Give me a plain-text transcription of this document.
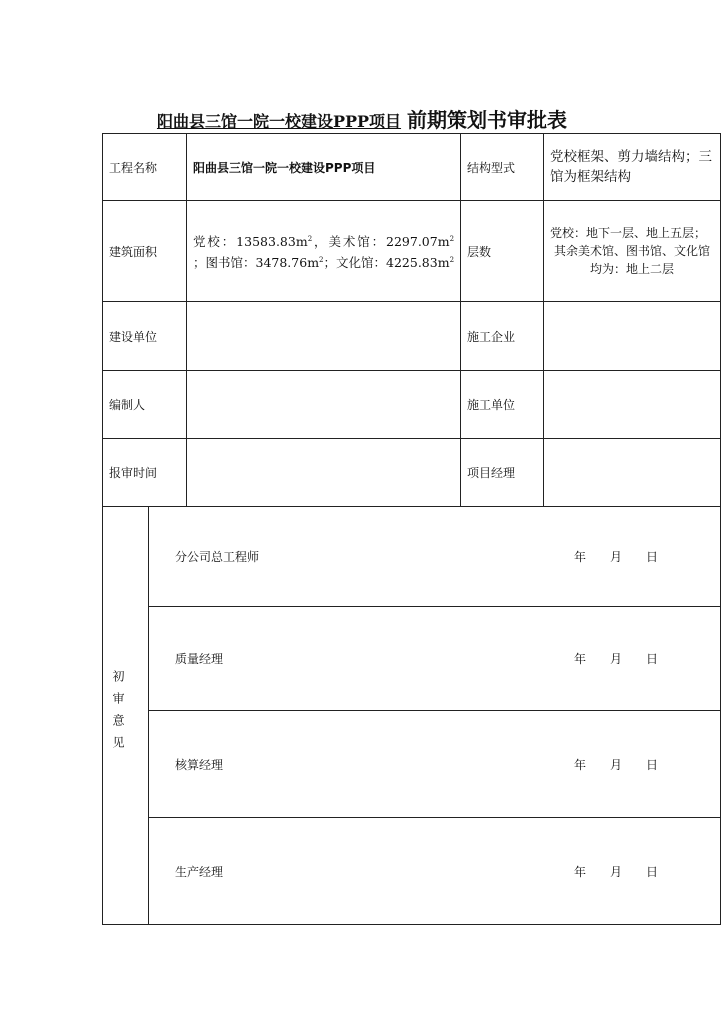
阳曲县三馆一院一校建设PPP项目 前期策划书审批表
工程名称		阳曲县三馆一院一校建设PPP项目	结构型式	党校框架、剪力墙结构；三馆为框架结构
建筑面积		党校：$13583.83m^2$，美术馆：$2297.07m^2$ ；图书馆：$3478.76m^2$；文化馆：$4225.83m^2$	层数	党校：地下一层、地上五层；
其余美术馆、图书馆、文化馆均为：地上二层

建设单位			施工企业	
编制人			施工单位	
报审时间			项目经理	
初审意见	分公司总工程师 年 月 日			

	质量经理 年 月 日			

	核算经理 年 月 日			

	生产经理 年 月 日			
